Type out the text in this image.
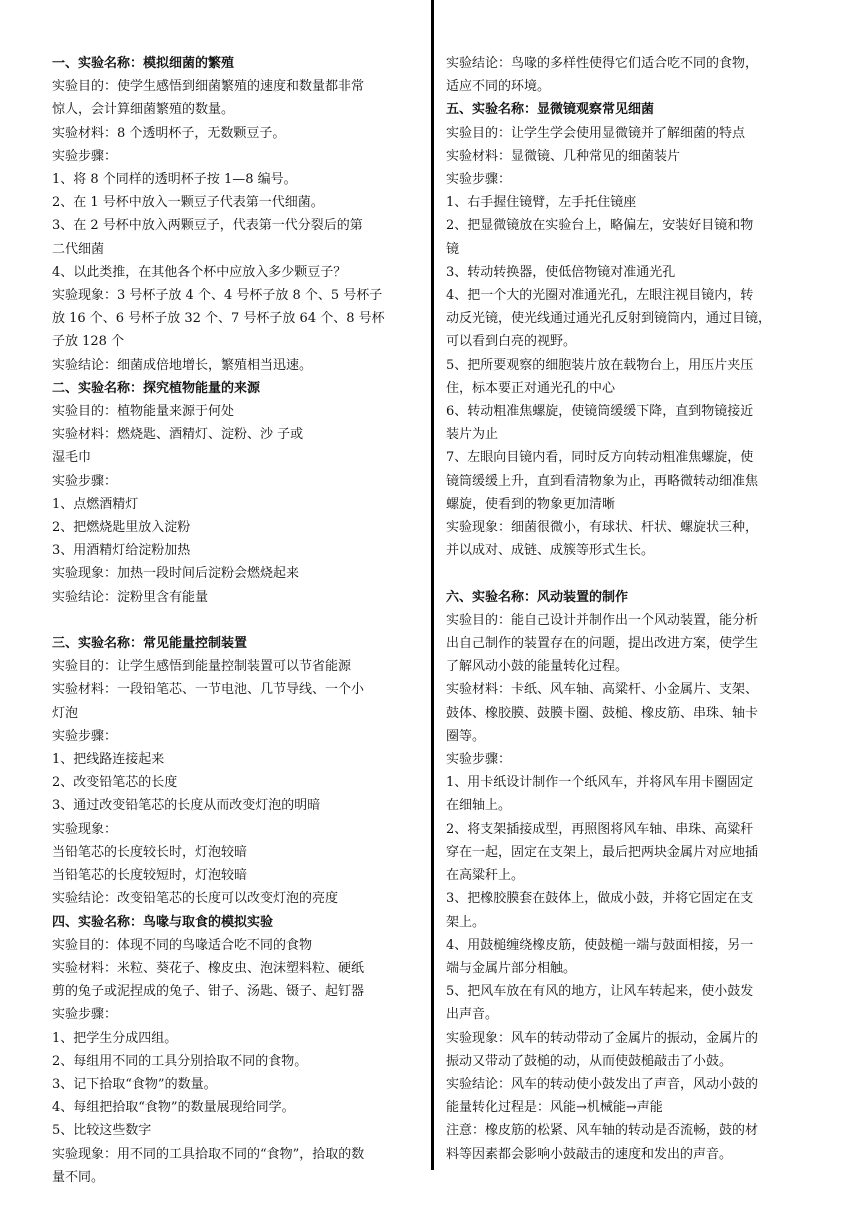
一、实验名称：模拟细菌的繁殖
实验目的：使学生感悟到细菌繁殖的速度和数量都非常
惊人，会计算细菌繁殖的数量。
实验材料：8 个透明杯子，无数颗豆子。
实验步骤：
1、将 8 个同样的透明杯子按 1—8 编号。
2、在 1 号杯中放入一颗豆子代表第一代细菌。
3、在 2 号杯中放入两颗豆子，代表第一代分裂后的第
二代细菌
4、以此类推，在其他各个杯中应放入多少颗豆子？
实验现象：3 号杯子放 4 个、4 号杯子放 8 个、5 号杯子
放 16 个、6 号杯子放 32 个、7 号杯子放 64 个、8 号杯
子放 128 个
实验结论：细菌成倍地增长，繁殖相当迅速。
二、实验名称：探究植物能量的来源
实验目的：植物能量来源于何处
实验材料：燃烧匙、酒精灯、淀粉、沙 子或
湿毛巾
实验步骤：
1、点燃酒精灯
2、把燃烧匙里放入淀粉
3、用酒精灯给淀粉加热
实验现象：加热一段时间后淀粉会燃烧起来
实验结论：淀粉里含有能量
三、实验名称：常见能量控制装置
实验目的：让学生感悟到能量控制装置可以节省能源
实验材料：一段铅笔芯、一节电池、几节导线、一个小
灯泡
实验步骤：
1、把线路连接起来
2、改变铅笔芯的长度
3、通过改变铅笔芯的长度从而改变灯泡的明暗
实验现象：
当铅笔芯的长度较长时，灯泡较暗
当铅笔芯的长度较短时，灯泡较暗
实验结论：改变铅笔芯的长度可以改变灯泡的亮度
四、实验名称：鸟喙与取食的模拟实验
实验目的：体现不同的鸟喙适合吃不同的食物
实验材料：米粒、葵花子、橡皮虫、泡沫塑料粒、硬纸
剪的兔子或泥捏成的兔子、钳子、汤匙、镊子、起钉器
实验步骤：
1、把学生分成四组。
2、每组用不同的工具分别拾取不同的食物。
3、记下拾取“食物”的数量。
4、每组把拾取“食物”的数量展现给同学。
5、比较这些数字
实验现象：用不同的工具拾取不同的“食物”，拾取的数
量不同。
实验结论：鸟喙的多样性使得它们适合吃不同的食物，
适应不同的环境。
五、实验名称：显微镜观察常见细菌
实验目的：让学生学会使用显微镜并了解细菌的特点
实验材料：显微镜、几种常见的细菌装片
实验步骤：
1、右手握住镜臂，左手托住镜座
2、把显微镜放在实验台上，略偏左，安装好目镜和物
镜
3、转动转换器，使低倍物镜对准通光孔
4、把一个大的光圈对准通光孔，左眼注视目镜内，转
动反光镜，使光线通过通光孔反射到镜筒内，通过目镜，
可以看到白亮的视野。
5、把所要观察的细胞装片放在载物台上，用压片夹压
住，标本要正对通光孔的中心
6、转动粗准焦螺旋，使镜筒缓缓下降，直到物镜接近
装片为止
7、左眼向目镜内看，同时反方向转动粗准焦螺旋，使
镜筒缓缓上升，直到看清物象为止，再略微转动细准焦
螺旋，使看到的物象更加清晰
实验现象：细菌很微小，有球状、杆状、螺旋状三种，
并以成对、成链、成簇等形式生长。
六、实验名称：风动装置的制作
实验目的：能自己设计并制作出一个风动装置，能分析
出自己制作的装置存在的问题，提出改进方案，使学生
了解风动小鼓的能量转化过程。
实验材料：卡纸、风车轴、高粱杆、小金属片、支架、
鼓体、橡胶膜、鼓膜卡圈、鼓槌、橡皮筋、串珠、轴卡
圈等。
实验步骤：
1、用卡纸设计制作一个纸风车，并将风车用卡圈固定
在细轴上。
2、将支架插接成型，再照图将风车轴、串珠、高粱秆
穿在一起，固定在支架上，最后把两块金属片对应地插
在高粱秆上。
3、把橡胶膜套在鼓体上，做成小鼓，并将它固定在支
架上。
4、用鼓槌缠绕橡皮筋，使鼓槌一端与鼓面相接，另一
端与金属片部分相触。
5、把风车放在有风的地方，让风车转起来，使小鼓发
出声音。
实验现象：风车的转动带动了金属片的振动，金属片的
振动又带动了鼓槌的动，从而使鼓槌敲击了小鼓。
实验结论：风车的转动使小鼓发出了声音，风动小鼓的
能量转化过程是：风能→机械能→声能
注意：橡皮筋的松紧、风车轴的转动是否流畅，鼓的材
料等因素都会影响小鼓敲击的速度和发出的声音。
